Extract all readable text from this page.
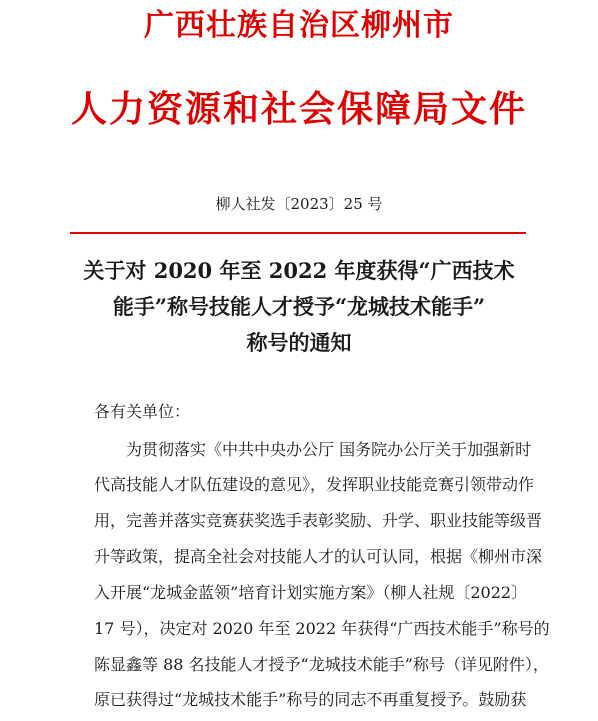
广西壮族自治区柳州市
人力资源和社会保障局文件
柳人社发〔2023〕25 号
关于对 2020 年至 2022 年度获得“广西技术
能手”称号技能人才授予“龙城技术能手”
称号的通知
各有关单位：
为贯彻落实《中共中央办公厅 国务院办公厅关于加强新时
代高技能人才队伍建设的意见》，发挥职业技能竞赛引领带动作
用，完善并落实竞赛获奖选手表彰奖励、升学、职业技能等级晋
升等政策，提高全社会对技能人才的认可认同，根据《柳州市深
入开展“龙城金蓝领”培育计划实施方案》（柳人社规〔2022〕
17 号），决定对 2020 年至 2022 年获得“广西技术能手”称号的
陈显鑫等 88 名技能人才授予“龙城技术能手”称号（详见附件），
原已获得过“龙城技术能手”称号的同志不再重复授予。鼓励获
